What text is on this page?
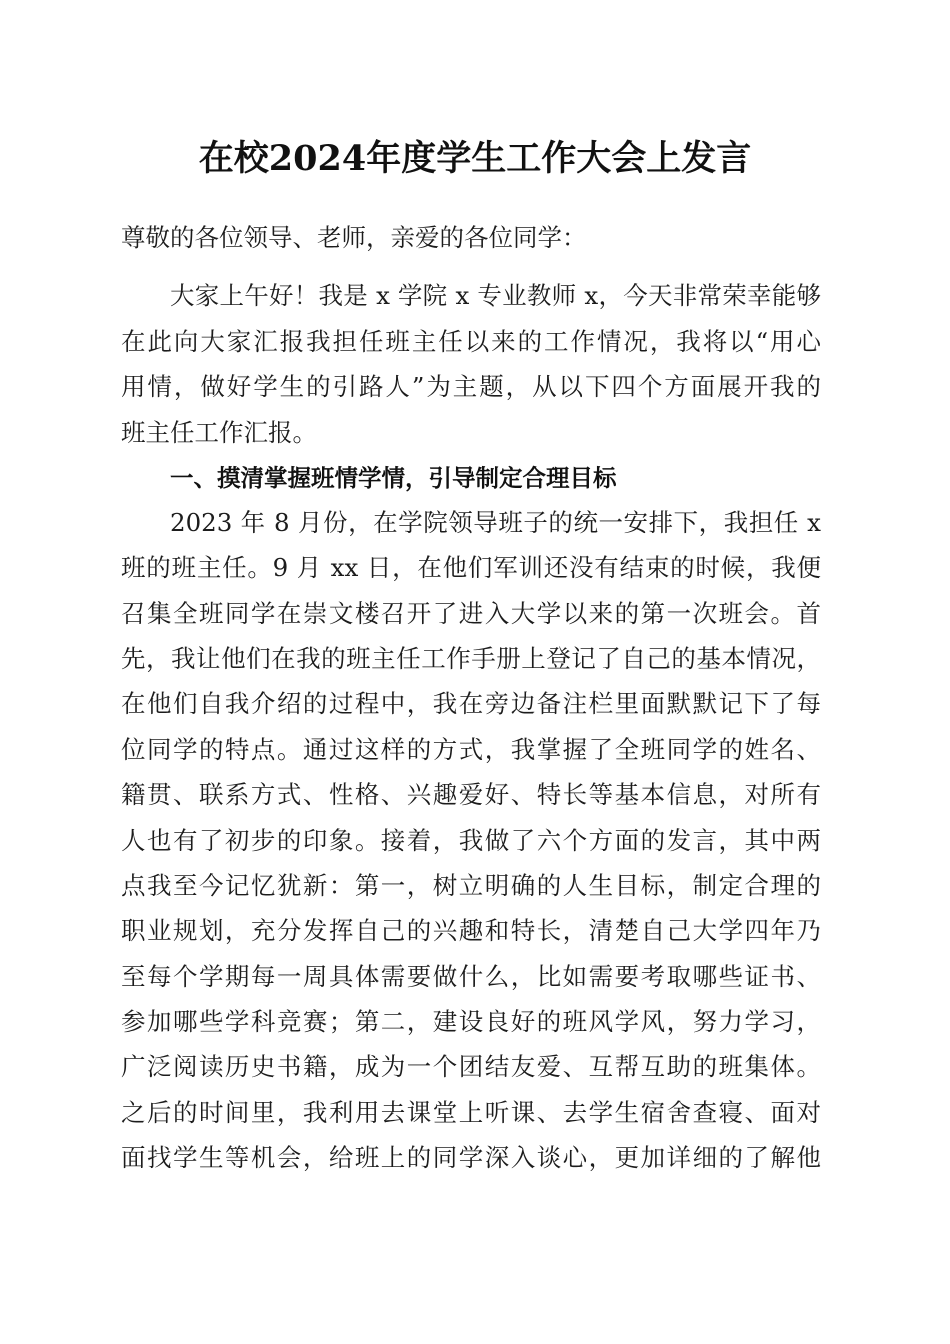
在校2024年度学生工作大会上发言
尊敬的各位领导、老师，亲爱的各位同学：
大家上午好！我是 x 学院 x 专业教师 x，今天非常荣幸能够
在此向大家汇报我担任班主任以来的工作情况，我将以“用心
用情，做好学生的引路人”为主题，从以下四个方面展开我的
班主任工作汇报。
一、摸清掌握班情学情，引导制定合理目标
2023 年 8 月份，在学院领导班子的统一安排下，我担任 x
班的班主任。9 月 xx 日，在他们军训还没有结束的时候，我便
召集全班同学在崇文楼召开了进入大学以来的第一次班会。首
先，我让他们在我的班主任工作手册上登记了自己的基本情况，
在他们自我介绍的过程中，我在旁边备注栏里面默默记下了每
位同学的特点。通过这样的方式，我掌握了全班同学的姓名、
籍贯、联系方式、性格、兴趣爱好、特长等基本信息，对所有
人也有了初步的印象。接着，我做了六个方面的发言，其中两
点我至今记忆犹新：第一，树立明确的人生目标，制定合理的
职业规划，充分发挥自己的兴趣和特长，清楚自己大学四年乃
至每个学期每一周具体需要做什么，比如需要考取哪些证书、
参加哪些学科竞赛；第二，建设良好的班风学风，努力学习，
广泛阅读历史书籍，成为一个团结友爱、互帮互助的班集体。
之后的时间里，我利用去课堂上听课、去学生宿舍查寝、面对
面找学生等机会，给班上的同学深入谈心，更加详细的了解他
